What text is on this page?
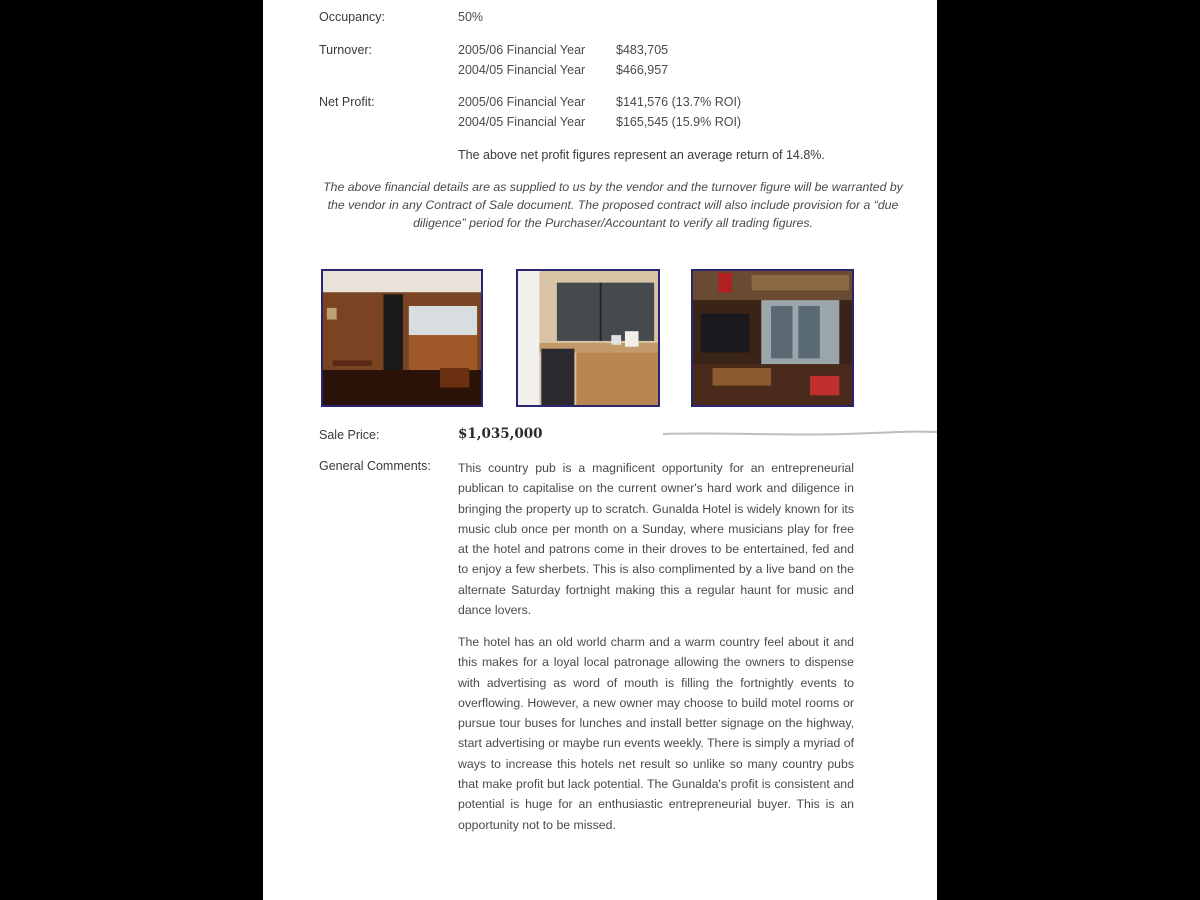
Occupancy:	50%
Turnover:	2005/06 Financial Year $483,705
2004/05 Financial Year $466,957
Net Profit:	2005/06 Financial Year $141,576 (13.7% ROI)
2004/05 Financial Year $165,545 (15.9% ROI)
The above net profit figures represent an average return of 14.8%.

The above financial details are as supplied to us by the vendor and the turnover figure will be warranted by the vendor in any Contract of Sale document. The proposed contract will also include provision for a “due diligence” period for the Purchaser/Accountant to verify all trading figures.

Sale Price:	$1,035,000
General Comments: This country pub is a magnificent opportunity for an entrepreneurial publican to capitalise on the current owner's hard work and diligence in bringing the property up to scratch. Gunalda Hotel is widely known for its music club once per month on a Sunday, where musicians play for free at the hotel and patrons come in their droves to be entertained, fed and to enjoy a few sherbets. This is also complimented by a live band on the alternate Saturday fortnight making this a regular haunt for music and dance lovers.

The hotel has an old world charm and a warm country feel about it and this makes for a loyal local patronage allowing the owners to dispense with advertising as word of mouth is filling the fortnightly events to overflowing. However, a new owner may choose to build motel rooms or pursue tour buses for lunches and install better signage on the highway, start advertising or maybe run events weekly. There is simply a myriad of ways to increase this hotels net result so unlike so many country pubs that make profit but lack potential. The Gunalda's profit is consistent and potential is huge for an enthusiastic entrepreneurial buyer. This is an opportunity not to be missed.
